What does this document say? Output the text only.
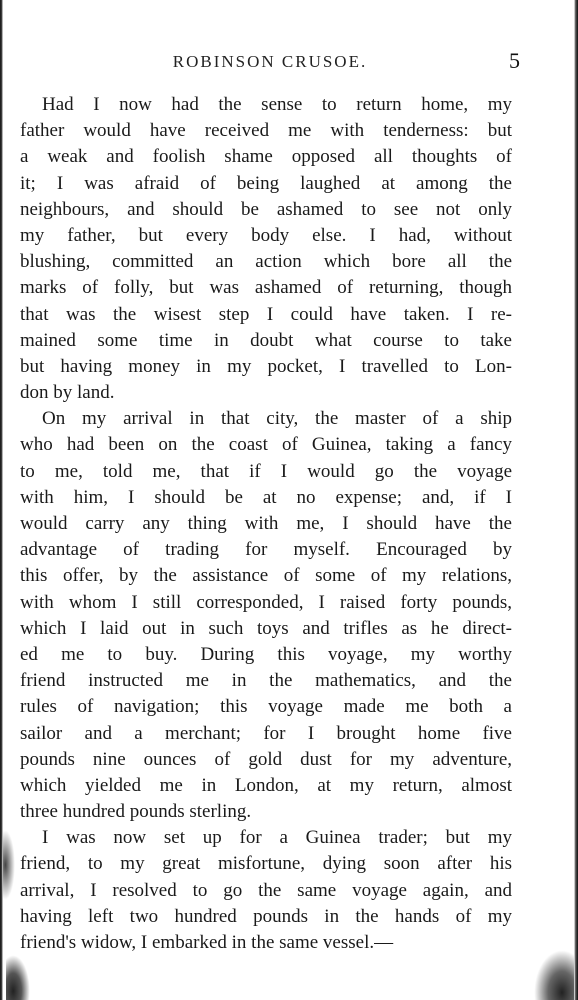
ROBINSON CRUSOE.	5
Had I now had the sense to return home, my
father would have received me with tenderness: but
a weak and foolish shame opposed all thoughts of
it; I was afraid of being laughed at among the
neighbours, and should be ashamed to see not only
my father, but every body else. I had, without
blushing, committed an action which bore all the
marks of folly, but was ashamed of returning, though
that was the wisest step I could have taken. I re-
mained some time in doubt what course to take
but having money in my pocket, I travelled to Lon-
don by land.
On my arrival in that city, the master of a ship
who had been on the coast of Guinea, taking a fancy
to me, told me, that if I would go the voyage
with him, I should be at no expense; and, if I
would carry any thing with me, I should have the
advantage of trading for myself. Encouraged by
this offer, by the assistance of some of my relations,
with whom I still corresponded, I raised forty pounds,
which I laid out in such toys and trifles as he direct-
ed me to buy. During this voyage, my worthy
friend instructed me in the mathematics, and the
rules of navigation; this voyage made me both a
sailor and a merchant; for I brought home five
pounds nine ounces of gold dust for my adventure,
which yielded me in London, at my return, almost
three hundred pounds sterling.
I was now set up for a Guinea trader; but my
friend, to my great misfortune, dying soon after his
arrival, I resolved to go the same voyage again, and
having left two hundred pounds in the hands of my
friend's widow, I embarked in the same vessel.—
